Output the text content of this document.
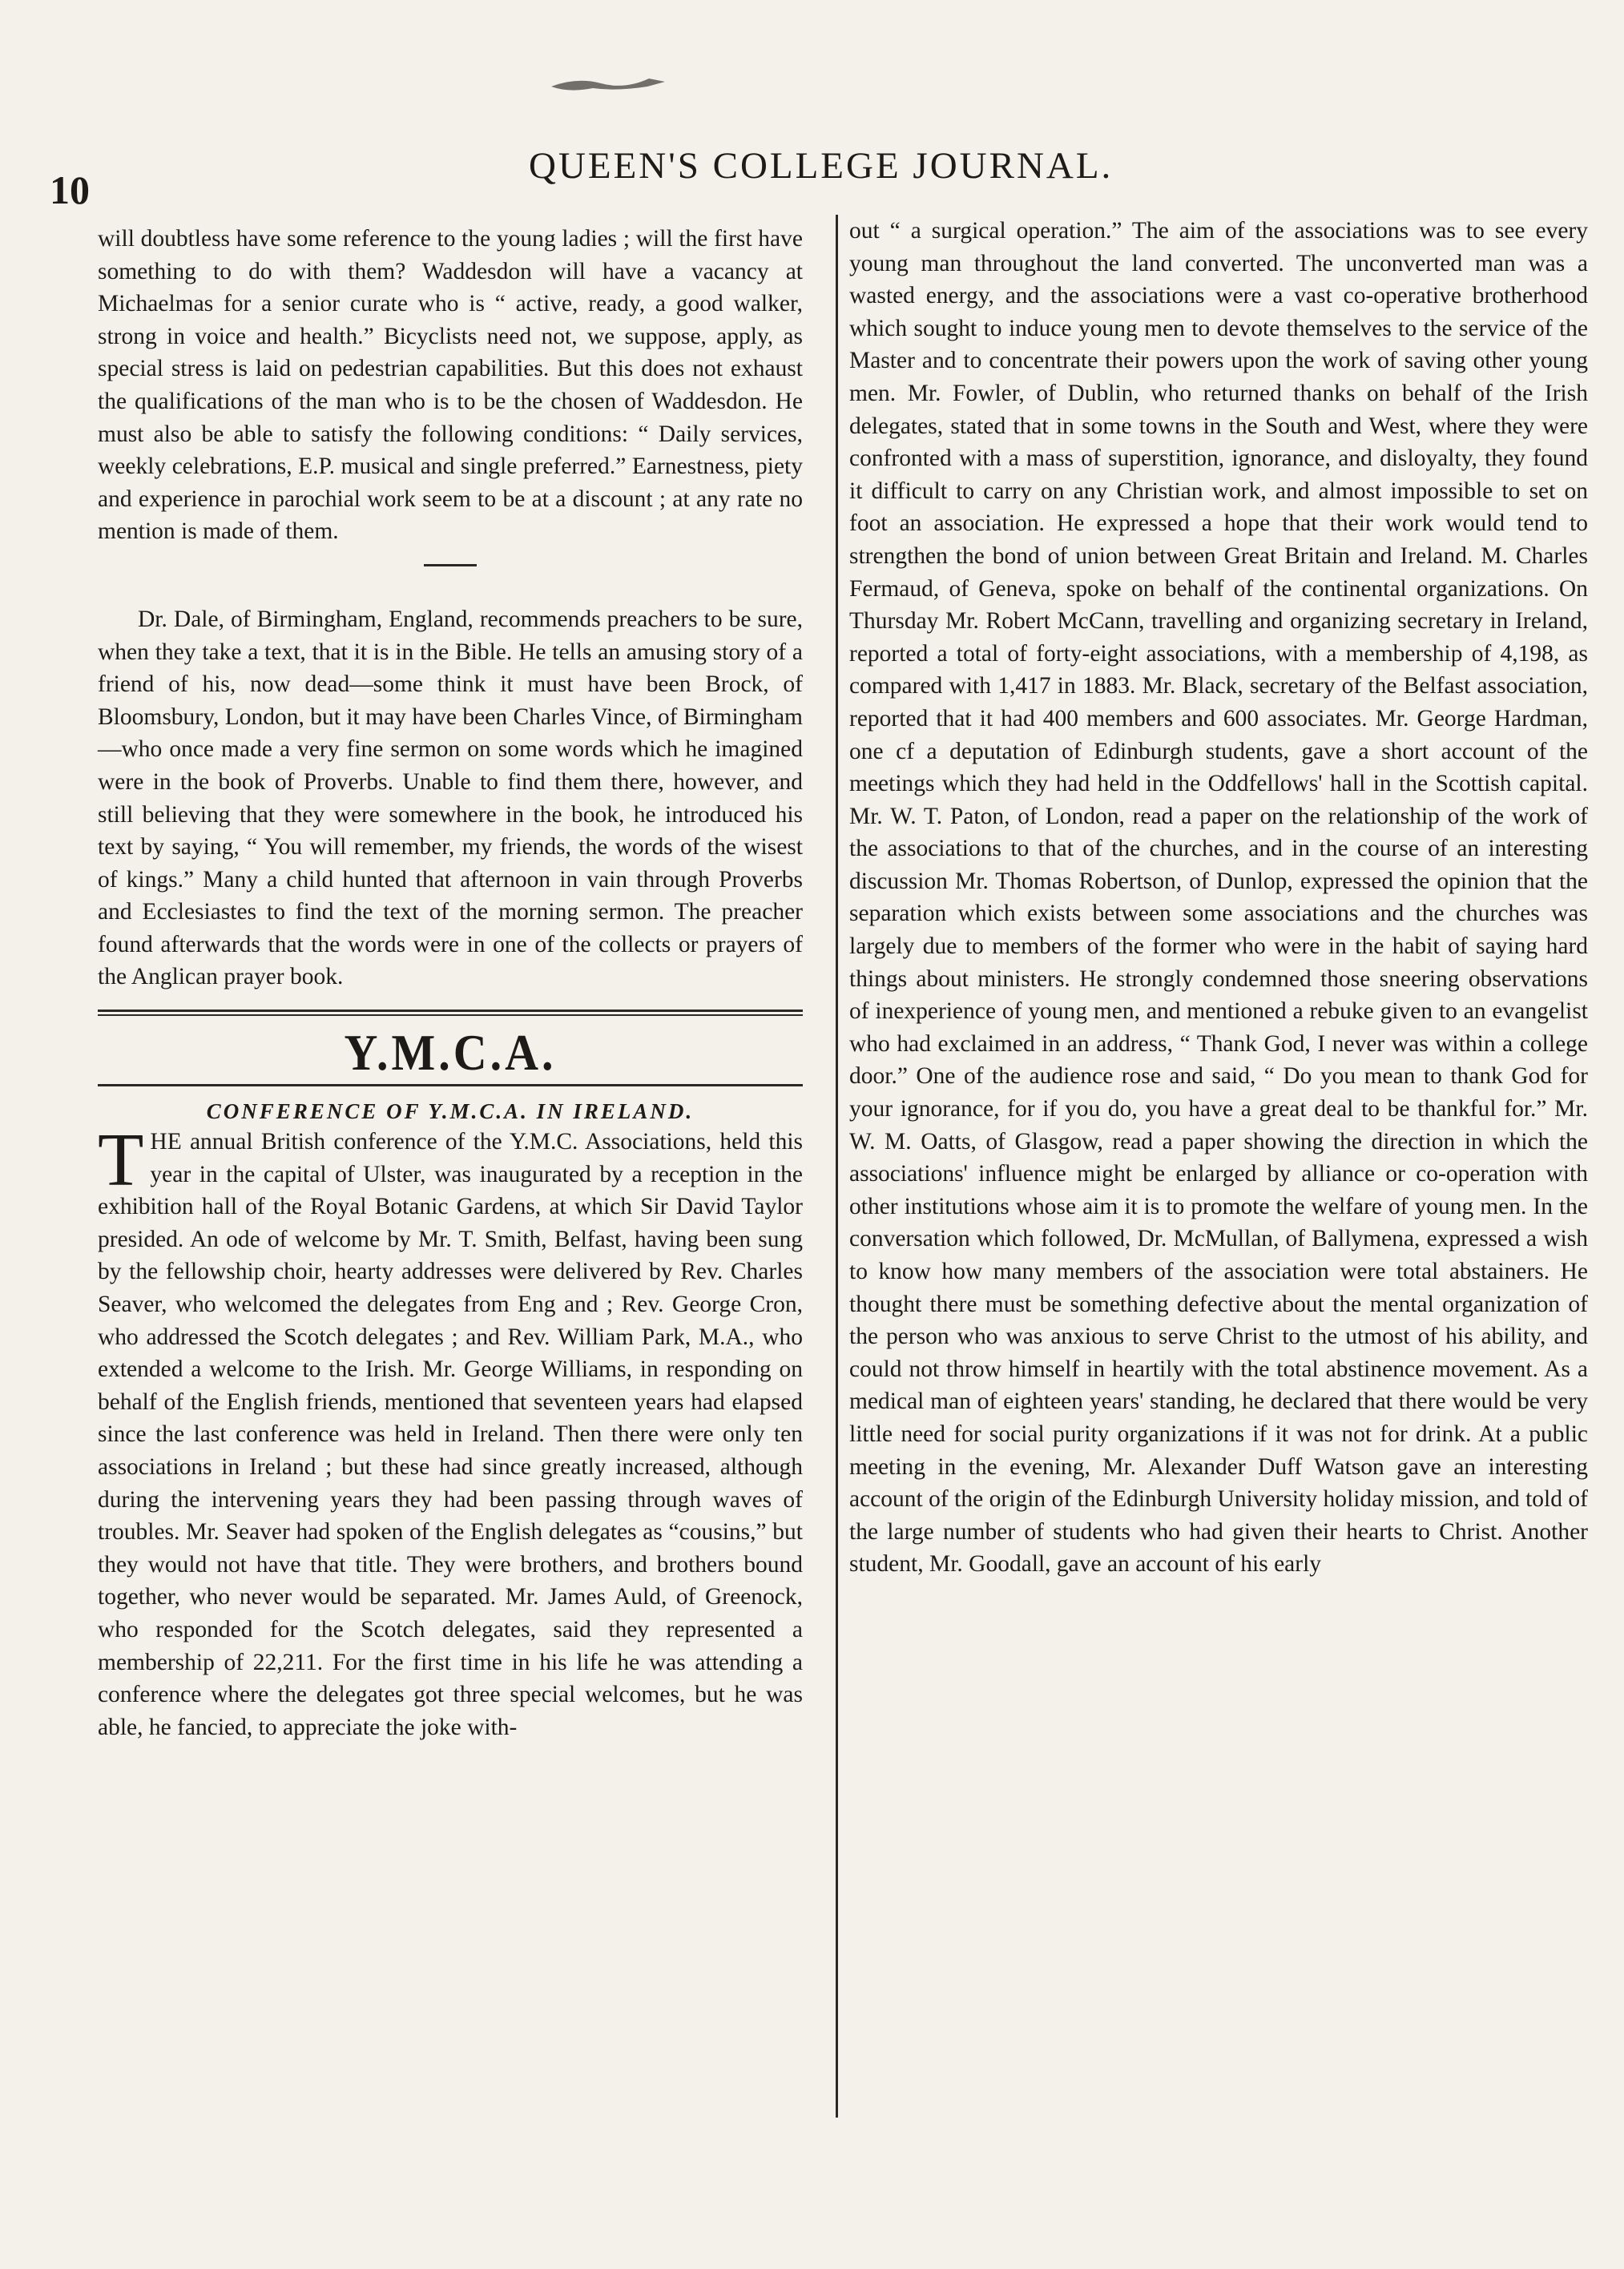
10
QUEEN'S COLLEGE JOURNAL.

will doubtless have some reference to the young ladies ; will the first have something to do with them? Waddesdon will have a vacancy at Michaelmas for a senior curate who is “ active, ready, a good walker, strong in voice and health.” Bicyclists need not, we suppose, apply, as special stress is laid on pedestrian capabilities. But this does not exhaust the qualifications of the man who is to be the chosen of Waddesdon. He must also be able to satisfy the following conditions: “ Daily services, weekly celebrations, E.P. musical and single preferred.” Earnestness, piety and experience in parochial work seem to be at a discount ; at any rate no mention is made of them.

Dr. Dale, of Birmingham, England, recommends preachers to be sure, when they take a text, that it is in the Bible. He tells an amusing story of a friend of his, now dead—some think it must have been Brock, of Bloomsbury, London, but it may have been Charles Vince, of Birmingham—who once made a very fine sermon on some words which he imagined were in the book of Proverbs. Unable to find them there, however, and still believing that they were somewhere in the book, he introduced his text by saying, “ You will remember, my friends, the words of the wisest of kings.” Many a child hunted that afternoon in vain through Proverbs and Ecclesiastes to find the text of the morning sermon. The preacher found afterwards that the words were in one of the collects or prayers of the Anglican prayer book.

Y.M.C.A.
CONFERENCE OF Y.M.C.A. IN IRELAND.

THE annual British conference of the Y.M.C. Associations, held this year in the capital of Ulster, was inaugurated by a reception in the exhibition hall of the Royal Botanic Gardens, at which Sir David Taylor presided. An ode of welcome by Mr. T. Smith, Belfast, having been sung by the fellowship choir, hearty addresses were delivered by Rev. Charles Seaver, who welcomed the delegates from Eng and ; Rev. George Cron, who addressed the Scotch delegates ; and Rev. William Park, M.A., who extended a welcome to the Irish. Mr. George Williams, in responding on behalf of the English friends, mentioned that seventeen years had elapsed since the last conference was held in Ireland. Then there were only ten associations in Ireland ; but these had since greatly increased, although during the intervening years they had been passing through waves of troubles. Mr. Seaver had spoken of the English delegates as “cousins,” but they would not have that title. They were brothers, and brothers bound together, who never would be separated. Mr. James Auld, of Greenock, who responded for the Scotch delegates, said they represented a membership of 22,211. For the first time in his life he was attending a conference where the delegates got three special welcomes, but he was able, he fancied, to appreciate the joke with-

out “ a surgical operation.” The aim of the associations was to see every young man throughout the land converted. The unconverted man was a wasted energy, and the associations were a vast co-operative brotherhood which sought to induce young men to devote themselves to the service of the Master and to concentrate their powers upon the work of saving other young men. Mr. Fowler, of Dublin, who returned thanks on behalf of the Irish delegates, stated that in some towns in the South and West, where they were confronted with a mass of superstition, ignorance, and disloyalty, they found it difficult to carry on any Christian work, and almost impossible to set on foot an association. He expressed a hope that their work would tend to strengthen the bond of union between Great Britain and Ireland. M. Charles Fermaud, of Geneva, spoke on behalf of the continental organizations. On Thursday Mr. Robert McCann, travelling and organizing secretary in Ireland, reported a total of forty-eight associations, with a membership of 4,198, as compared with 1,417 in 1883. Mr. Black, secretary of the Belfast association, reported that it had 400 members and 600 associates. Mr. George Hardman, one cf a deputation of Edinburgh students, gave a short account of the meetings which they had held in the Oddfellows' hall in the Scottish capital. Mr. W. T. Paton, of London, read a paper on the relationship of the work of the associations to that of the churches, and in the course of an interesting discussion Mr. Thomas Robertson, of Dunlop, expressed the opinion that the separation which exists between some associations and the churches was largely due to members of the former who were in the habit of saying hard things about ministers. He strongly condemned those sneering observations of inexperience of young men, and mentioned a rebuke given to an evangelist who had exclaimed in an address, “ Thank God, I never was within a college door.” One of the audience rose and said, “ Do you mean to thank God for your ignorance, for if you do, you have a great deal to be thankful for.” Mr. W. M. Oatts, of Glasgow, read a paper showing the direction in which the associations' influence might be enlarged by alliance or co-operation with other institutions whose aim it is to promote the welfare of young men. In the conversation which followed, Dr. McMullan, of Ballymena, expressed a wish to know how many members of the association were total abstainers. He thought there must be something defective about the mental organization of the person who was anxious to serve Christ to the utmost of his ability, and could not throw himself in heartily with the total abstinence movement. As a medical man of eighteen years' standing, he declared that there would be very little need for social purity organizations if it was not for drink. At a public meeting in the evening, Mr. Alexander Duff Watson gave an interesting account of the origin of the Edinburgh University holiday mission, and told of the large number of students who had given their hearts to Christ. Another student, Mr. Goodall, gave an account of his early
